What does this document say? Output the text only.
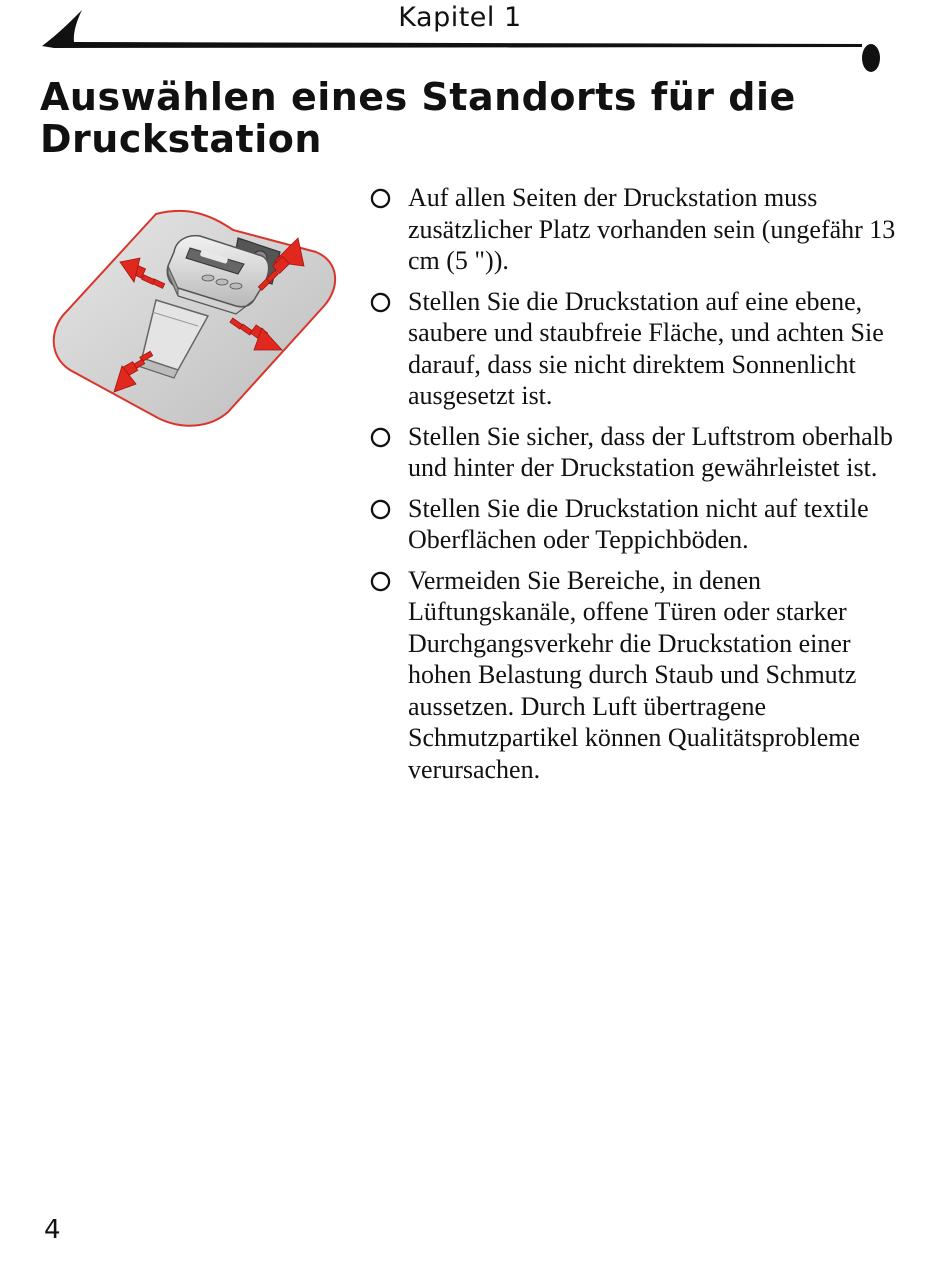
Kapitel 1
Auswählen eines Standorts für die Druckstation
Auf allen Seiten der Druckstation muss zusätzlicher Platz vorhanden sein (ungefähr 13 cm (5 ")).
Stellen Sie die Druckstation auf eine ebene, saubere und staubfreie Fläche, und achten Sie darauf, dass sie nicht direktem Sonnenlicht ausgesetzt ist.
Stellen Sie sicher, dass der Luftstrom oberhalb und hinter der Druckstation gewährleistet ist.
Stellen Sie die Druckstation nicht auf textile Oberflächen oder Teppichböden.
Vermeiden Sie Bereiche, in denen Lüftungskanäle, offene Türen oder starker Durchgangsverkehr die Druckstation einer hohen Belastung durch Staub und Schmutz aussetzen. Durch Luft übertragene Schmutzpartikel können Qualitätsprobleme verursachen.
4
